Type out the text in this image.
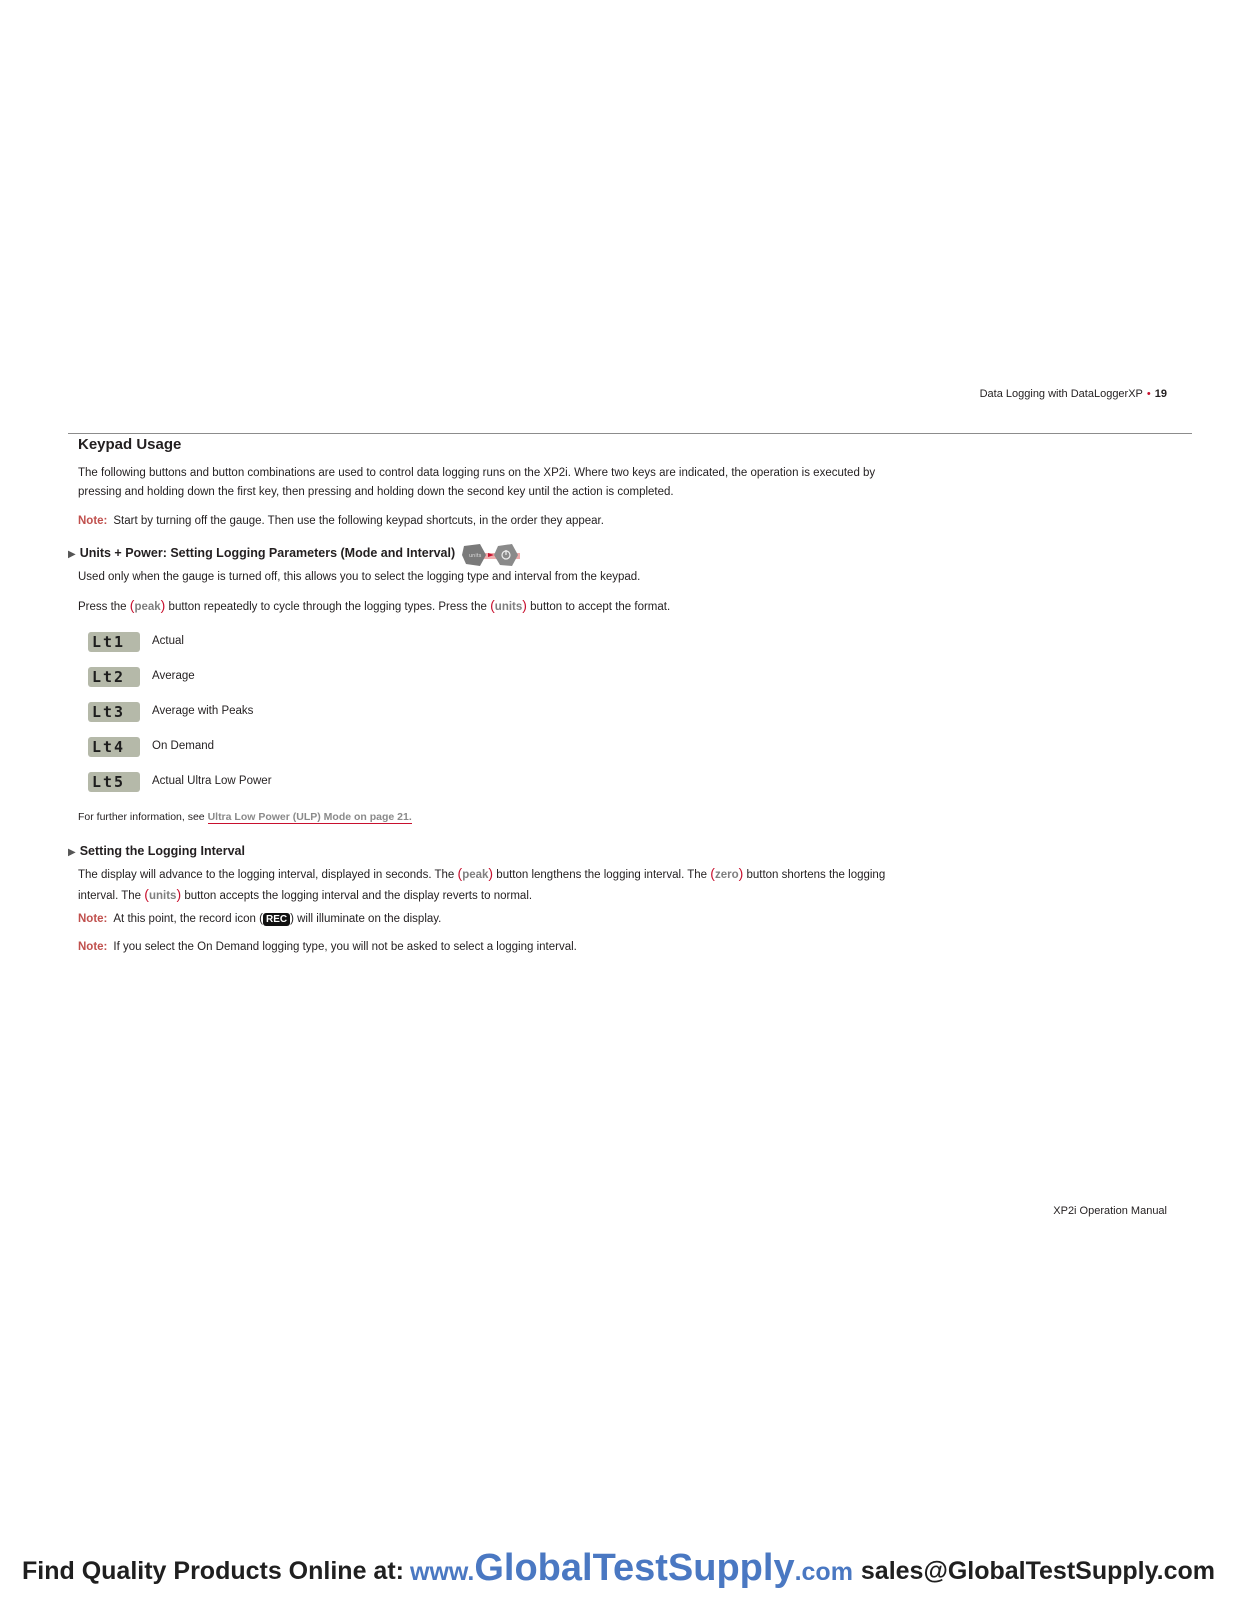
Data Logging with DataLoggerXP • 19
Keypad Usage
The following buttons and button combinations are used to control data logging runs on the XP2i. Where two keys are indicated, the operation is executed by pressing and holding down the first key, then pressing and holding down the second key until the action is completed.
Note: Start by turning off the gauge. Then use the following keypad shortcuts, in the order they appear.
▶ Units + Power: Setting Logging Parameters (Mode and Interval)	units
Used only when the gauge is turned off, this allows you to select the logging type and interval from the keypad.
Press the (peak) button repeatedly to cycle through the logging types. Press the (units) button to accept the format.
Lt1	Actual
Lt2	Average
Lt3	Average with Peaks
Lt4	On Demand
Lt5	Actual Ultra Low Power
For further information, see Ultra Low Power (ULP) Mode on page 21.
▶ Setting the Logging Interval
The display will advance to the logging interval, displayed in seconds. The (peak) button lengthens the logging interval. The (zero) button shortens the logging interval. The (units) button accepts the logging interval and the display reverts to normal.
Note: At this point, the record icon ( REC ) will illuminate on the display.
Note: If you select the On Demand logging type, you will not be asked to select a logging interval.
XP2i Operation Manual
Find Quality Products Online at: www.GlobalTestSupply.com sales@GlobalTestSupply.com
